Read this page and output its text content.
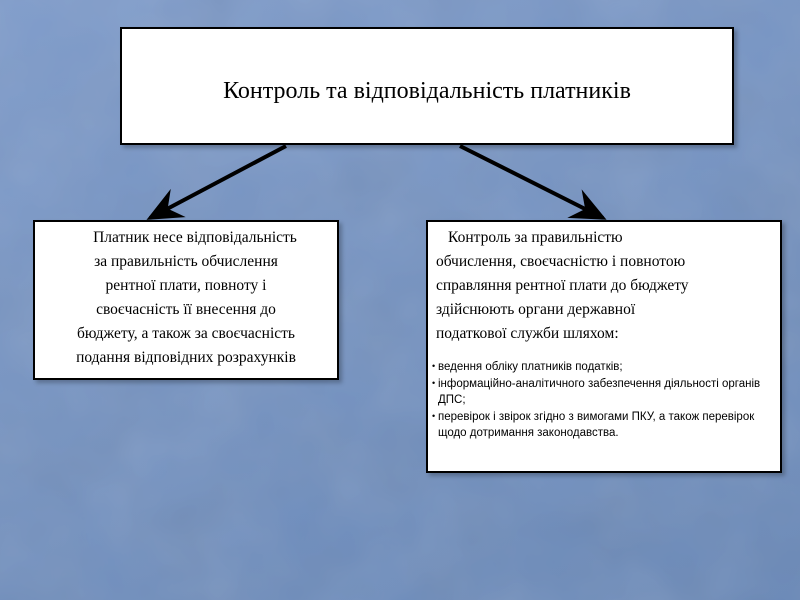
Контроль та відповідальність платників
Платник несе відповідальність
за правильність обчислення
рентної плати, повноту і
своєчасність її внесення до
бюджету, а також за своєчасність
подання відповідних розрахунків
Контроль за правильністю
обчислення, своєчасністю і повнотою
справляння рентної плати до бюджету
здійснюють органи державної
податкової служби шляхом:
• ведення обліку платників податків;
• інформаційно-аналітичного забезпечення діяльності органів ДПС;
• перевірок і звірок згідно з вимогами ПКУ, а також перевірок щодо дотримання законодавства.
